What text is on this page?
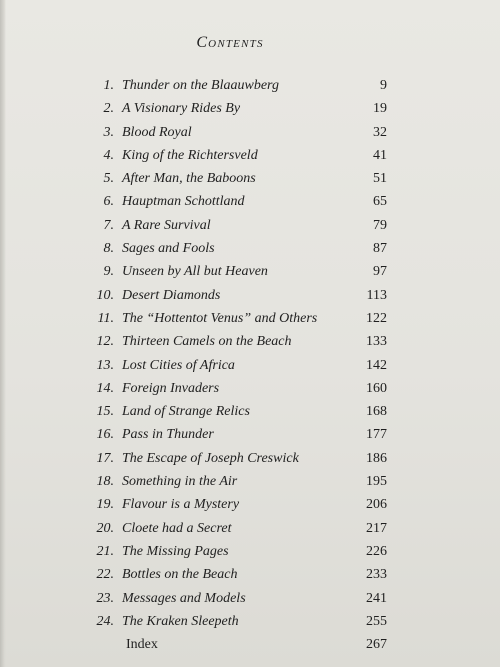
Contents
1. Thunder on the Blaauwberg	9
2. A Visionary Rides By	19
3. Blood Royal	32
4. King of the Richtersveld	41
5. After Man, the Baboons	51
6. Hauptman Schottland	65
7. A Rare Survival	79
8. Sages and Fools	87
9. Unseen by All but Heaven	97
10. Desert Diamonds	113
11. The “Hottentot Venus” and Others	122
12. Thirteen Camels on the Beach	133
13. Lost Cities of Africa	142
14. Foreign Invaders	160
15. Land of Strange Relics	168
16. Pass in Thunder	177
17. The Escape of Joseph Creswick	186
18. Something in the Air	195
19. Flavour is a Mystery	206
20. Cloete had a Secret	217
21. The Missing Pages	226
22. Bottles on the Beach	233
23. Messages and Models	241
24. The Kraken Sleepeth	255
Index	267
